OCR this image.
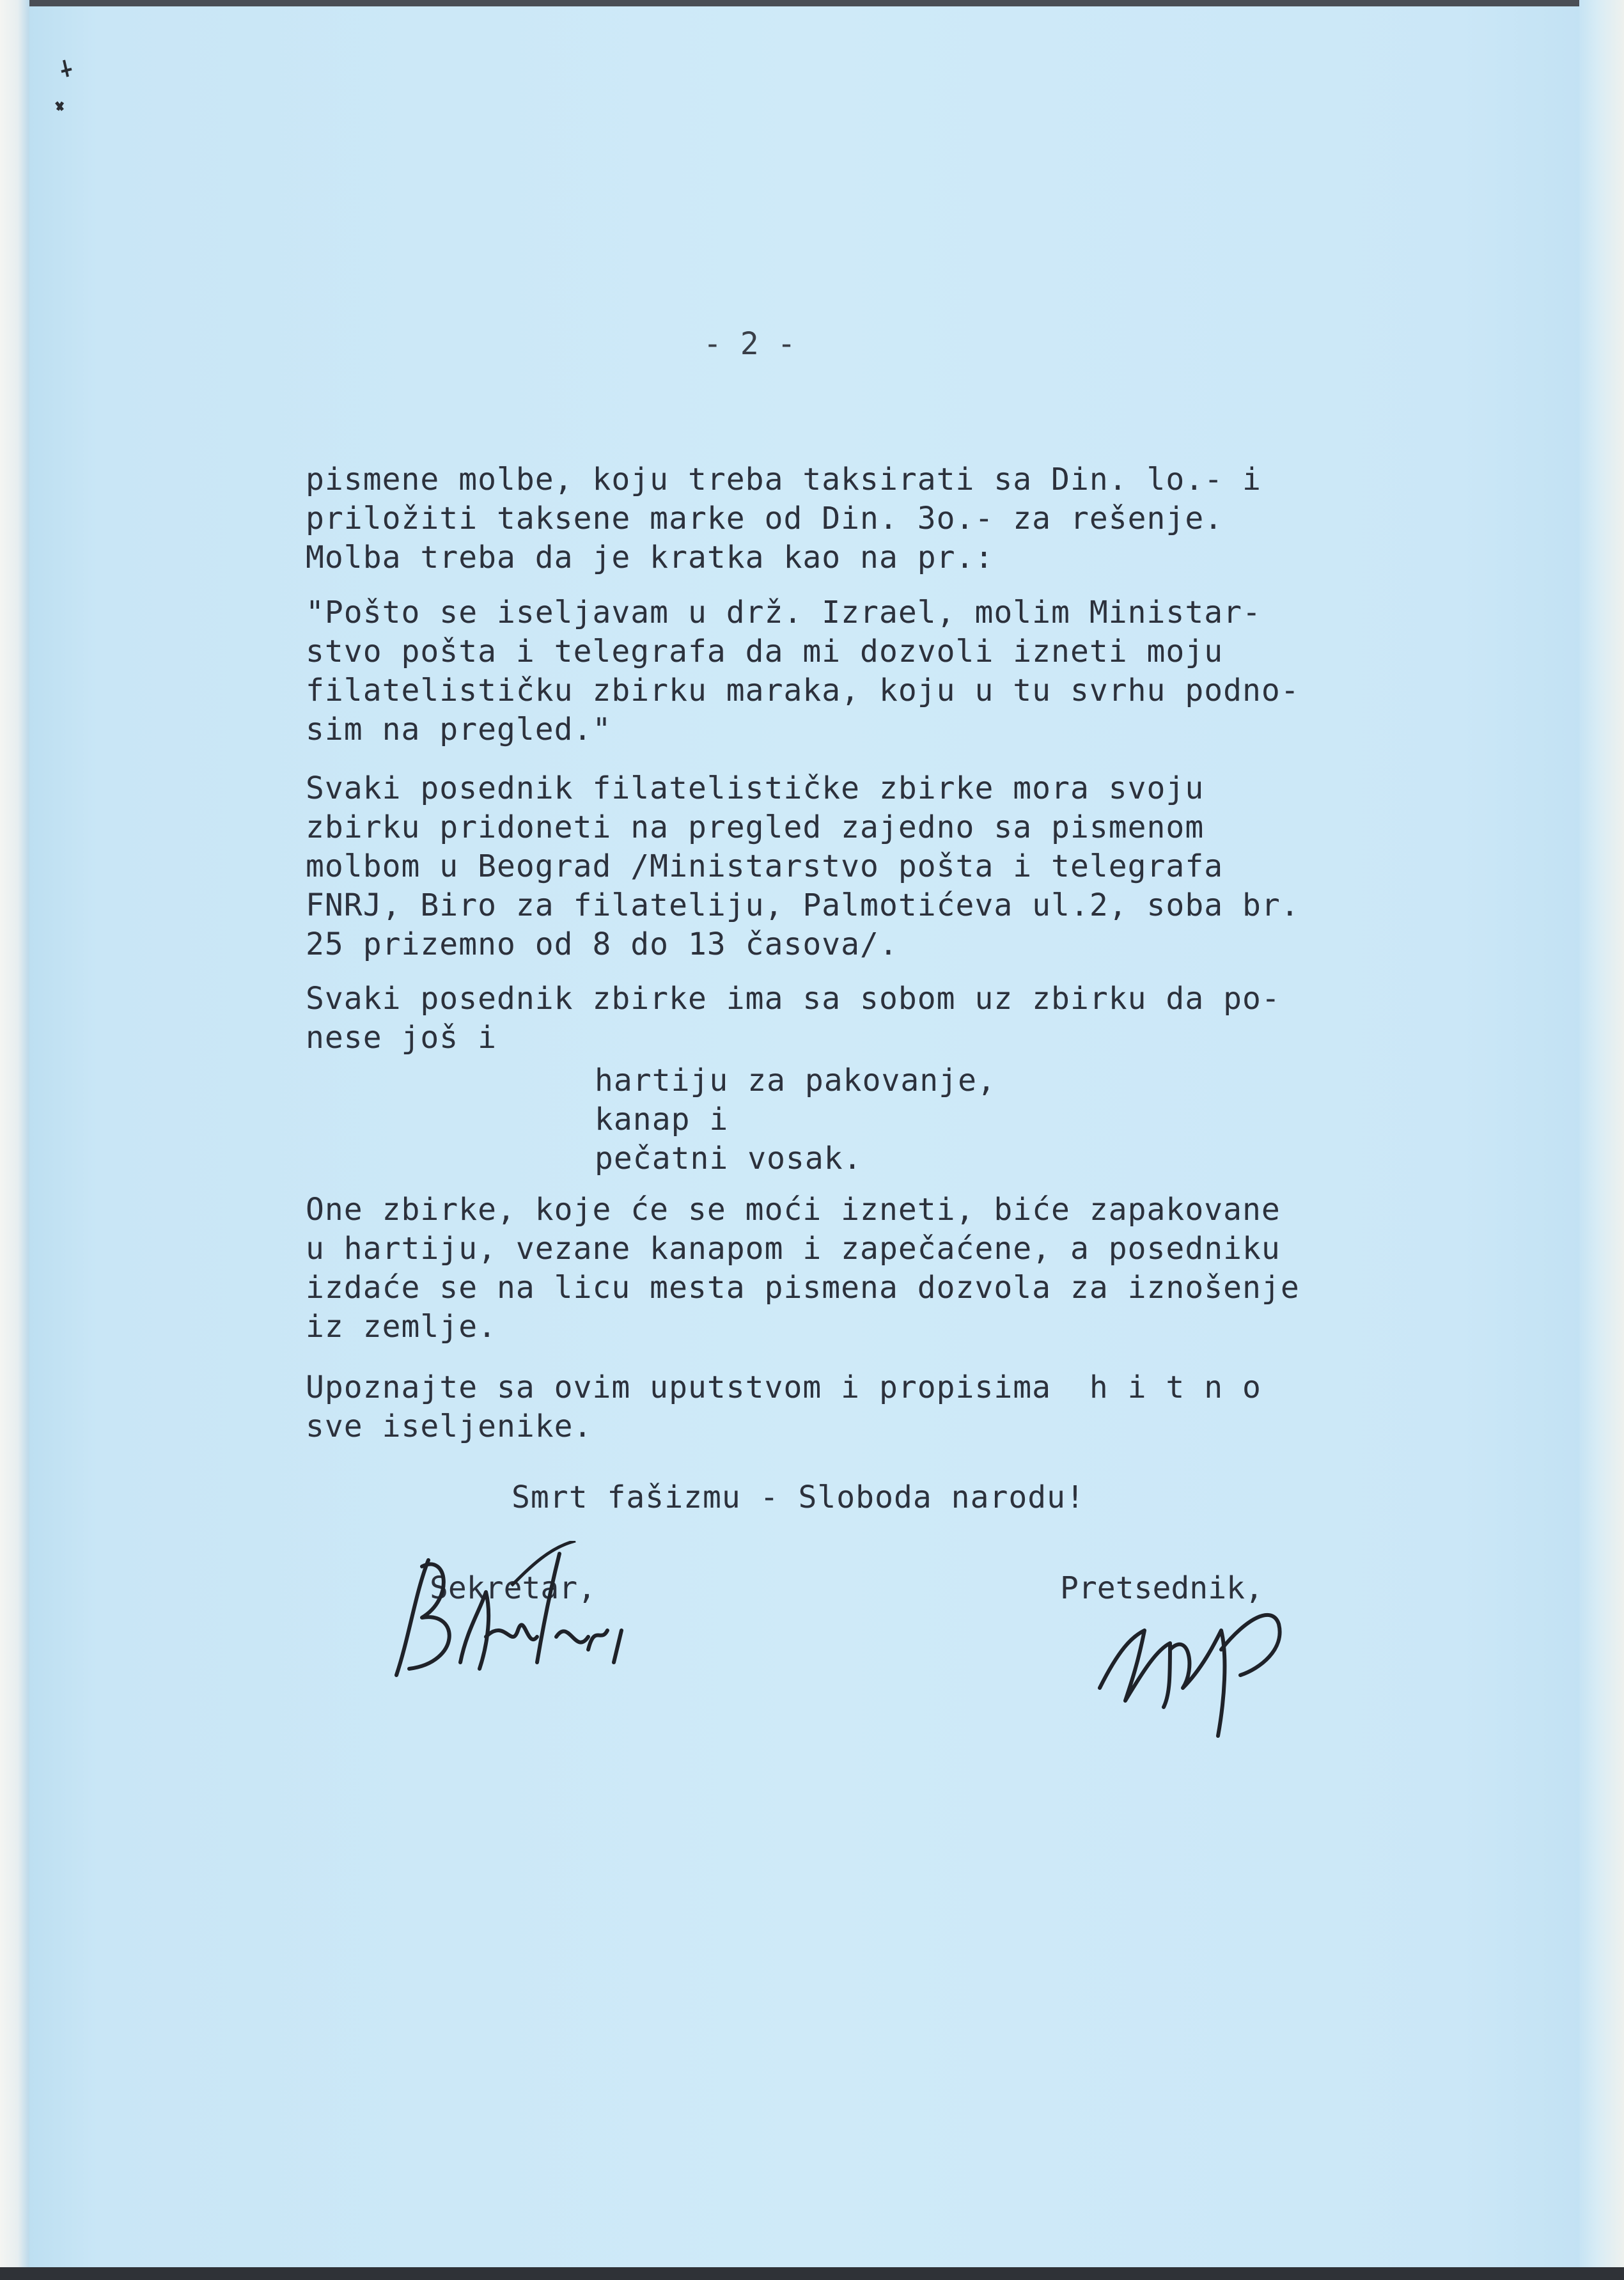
- 2 -
pismene molbe, koju treba taksirati sa Din. lo.- i
priložiti taksene marke od Din. 3o.- za rešenje.
Molba treba da je kratka kao na pr.:
"Pošto se iseljavam u drž. Izrael, molim Ministar-
stvo pošta i telegrafa da mi dozvoli izneti moju
filatelističku zbirku maraka, koju u tu svrhu podno-
sim na pregled."
Svaki posednik filatelističke zbirke mora svoju
zbirku pridoneti na pregled zajedno sa pismenom
molbom u Beograd /Ministarstvo pošta i telegrafa
FNRJ, Biro za filateliju, Palmotićeva ul.2, soba br.
25 prizemno od 8 do 13 časova/.
Svaki posednik zbirke ima sa sobom uz zbirku da po-
nese još i
hartiju za pakovanje,
kanap i
pečatni vosak.
One zbirke, koje će se moći izneti, biće zapakovane
u hartiju, vezane kanapom i zapečaćene, a posedniku
izdaće se na licu mesta pismena dozvola za iznošenje
iz zemlje.
Upoznajte sa ovim uputstvom i propisima  h i t n o
sve iseljenike.
Smrt fašizmu - Sloboda narodu!
Sekretar,	Pretsednik,
